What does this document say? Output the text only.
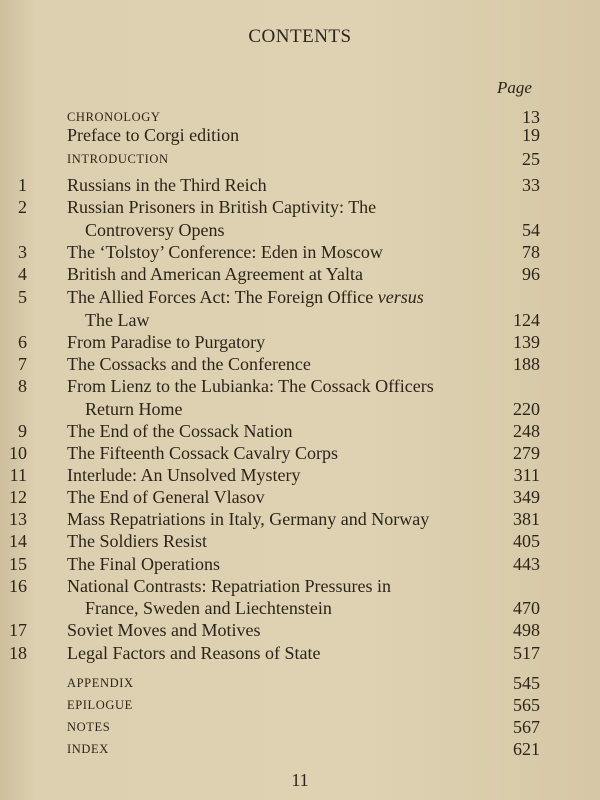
CONTENTS
Page
CHRONOLOGY	13
Preface to Corgi edition	19
INTRODUCTION	25
1 Russians in the Third Reich	33
2 Russian Prisoners in British Captivity: The
Controversy Opens	54
3 The ‘Tolstoy’ Conference: Eden in Moscow	78
4 British and American Agreement at Yalta	96
5 The Allied Forces Act: The Foreign Office versus
The Law	124
6 From Paradise to Purgatory	139
7 The Cossacks and the Conference	188
8 From Lienz to the Lubianka: The Cossack Officers
Return Home	220
9 The End of the Cossack Nation	248
10 The Fifteenth Cossack Cavalry Corps	279
11 Interlude: An Unsolved Mystery	311
12 The End of General Vlasov	349
13 Mass Repatriations in Italy, Germany and Norway	381
14 The Soldiers Resist	405
15 The Final Operations	443
16 National Contrasts: Repatriation Pressures in
France, Sweden and Liechtenstein	470
17 Soviet Moves and Motives	498
18 Legal Factors and Reasons of State	517
APPENDIX	545
EPILOGUE	565
NOTES	567
INDEX	621
11
